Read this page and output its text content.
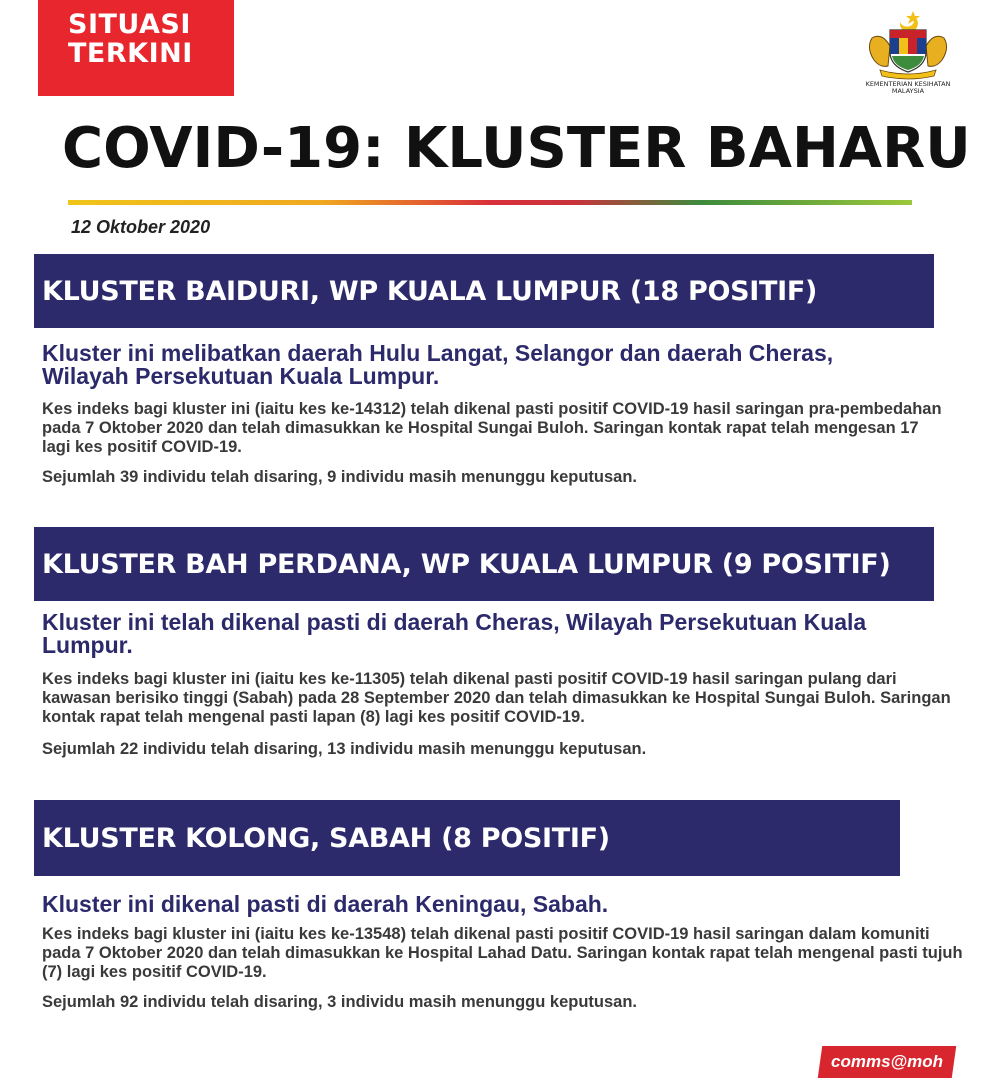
SITUASI
TERKINI
KEMENTERIAN KESIHATAN
MALAYSIA
COVID-19: KLUSTER BAHARU
12 Oktober 2020
KLUSTER BAIDURI, WP KUALA LUMPUR (18 POSITIF)
Kluster ini melibatkan daerah Hulu Langat, Selangor dan daerah Cheras, Wilayah Persekutuan Kuala Lumpur.
Kes indeks bagi kluster ini (iaitu kes ke-14312) telah dikenal pasti positif COVID-19 hasil saringan pra-pembedahan pada 7 Oktober 2020 dan telah dimasukkan ke Hospital Sungai Buloh. Saringan kontak rapat telah mengesan 17 lagi kes positif COVID-19.
Sejumlah 39 individu telah disaring, 9 individu masih menunggu keputusan.
KLUSTER BAH PERDANA, WP KUALA LUMPUR (9 POSITIF)
Kluster ini telah dikenal pasti di daerah Cheras, Wilayah Persekutuan Kuala Lumpur.
Kes indeks bagi kluster ini (iaitu kes ke-11305) telah dikenal pasti positif COVID-19 hasil saringan pulang dari kawasan berisiko tinggi (Sabah) pada 28 September 2020 dan telah dimasukkan ke Hospital Sungai Buloh. Saringan kontak rapat telah mengenal pasti lapan (8) lagi kes positif COVID-19.
Sejumlah 22 individu telah disaring, 13 individu masih menunggu keputusan.
KLUSTER KOLONG, SABAH (8 POSITIF)
Kluster ini dikenal pasti di daerah Keningau, Sabah.
Kes indeks bagi kluster ini (iaitu kes ke-13548) telah dikenal pasti positif COVID-19 hasil saringan dalam komuniti pada 7 Oktober 2020 dan telah dimasukkan ke Hospital Lahad Datu. Saringan kontak rapat telah mengenal pasti tujuh (7) lagi kes positif COVID-19.
Sejumlah 92 individu telah disaring, 3 individu masih menunggu keputusan.
comms@moh
